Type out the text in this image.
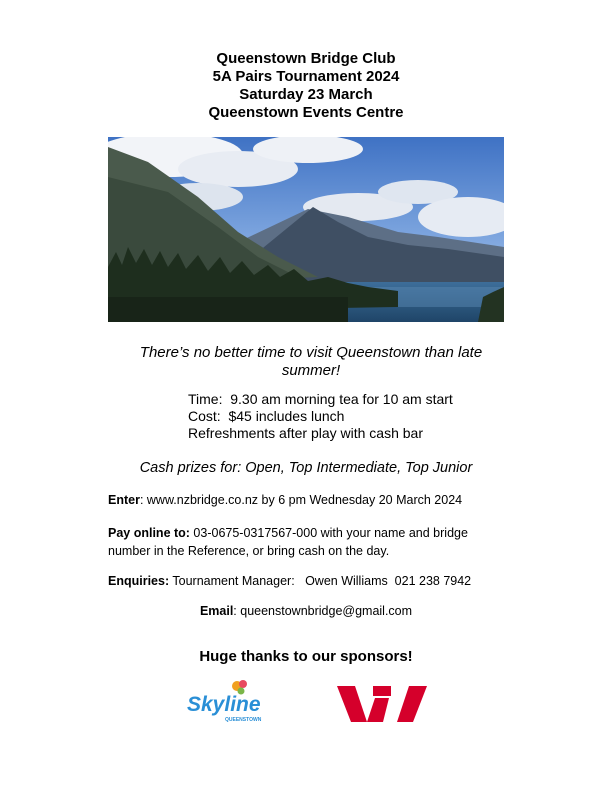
Queenstown Bridge Club
5A Pairs Tournament 2024
Saturday 23 March
Queenstown Events Centre
There’s no better time to visit Queenstown than late
summer!
Time:  9.30 am morning tea for 10 am start
Cost:  $45 includes lunch
Refreshments after play with cash bar
Cash prizes for: Open, Top Intermediate, Top Junior
Enter: www.nzbridge.co.nz by 6 pm Wednesday 20 March 2024
Pay online to: 03-0675-0317567-000 with your name and bridge number in the Reference, or bring cash on the day.
Enquiries: Tournament Manager:   Owen Williams  021 238 7942
Email: queenstownbridge@gmail.com
Huge thanks to our sponsors!
Skyline
QUEENSTOWN
